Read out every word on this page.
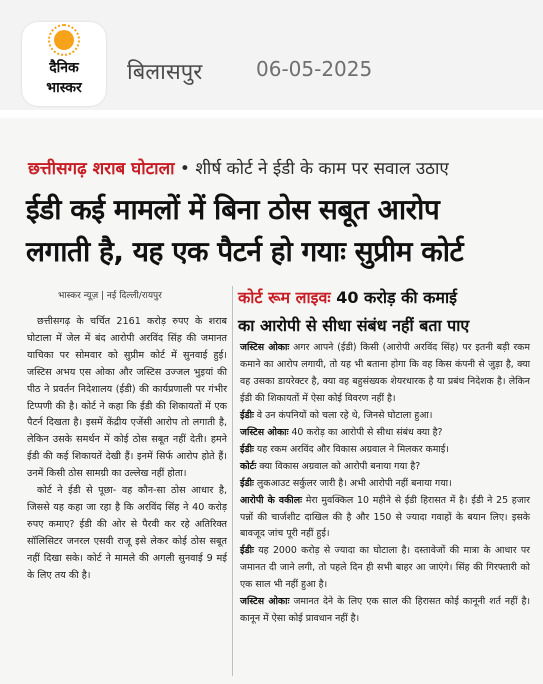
दैनिक
भास्कर
बिलासपुर	06-05-2025
छत्तीसगढ़ शराब घोटाला • शीर्ष कोर्ट ने ईडी के काम पर सवाल उठाए
ईडी कई मामलों में बिना ठोस सबूत आरोप
लगाती है, यह एक पैटर्न हो गयाः सुप्रीम कोर्ट
भास्कर न्यूज़ | नई दिल्ली/रायपुर

छत्तीसगढ़ के चर्चित 2161 करोड़ रुपए के शराब घोटाला में जेल में बंद आरोपी अरविंद सिंह की जमानत याचिका पर सोमवार को सुप्रीम कोर्ट में सुनवाई हुई। जस्टिस अभय एस ओका और जस्टिस उज्जल भुइयां की पीठ ने प्रवर्तन निदेशालय (ईडी) की कार्यप्रणाली पर गंभीर टिप्पणी की है। कोर्ट ने कहा कि ईडी की शिकायतों में एक पैटर्न दिखता है। इसमें केंद्रीय एजेंसी आरोप तो लगाती है, लेकिन उसके समर्थन में कोई ठोस सबूत नहीं देती। हमने ईडी की कई शिकायतें देखी हैं। इनमें सिर्फ आरोप होते हैं। उनमें किसी ठोस सामग्री का उल्लेख नहीं होता।

कोर्ट ने ईडी से पूछा- वह कौन-सा ठोस आधार है, जिससे यह कहा जा रहा है कि अरविंद सिंह ने 40 करोड़ रुपए कमाए? ईडी की ओर से पैरवी कर रहे अतिरिक्त सॉलिसिटर जनरल एसवी राजू इसे लेकर कोई ठोस सबूत नहीं दिखा सके। कोर्ट ने मामले की अगली सुनवाई 9 मई के लिए तय की है।

कोर्ट रूम लाइवः 40 करोड़ की कमाई
का आरोपी से सीधा संबंध नहीं बता पाए

जस्टिस ओकाः अगर आपने (ईडी) किसी (आरोपी अरविंद सिंह) पर इतनी बड़ी रकम कमाने का आरोप लगायी, तो यह भी बताना होगा कि वह किस कंपनी से जुड़ा है, क्या वह उसका डायरेक्टर है, क्या वह बहुसंख्यक शेयरधारक है या प्रबंध निदेशक है। लेकिन ईडी की शिकायतों में ऐसा कोई विवरण नहीं है।

ईडीः वे उन कंपनियों को चला रहे थे, जिनसे घोटाला हुआ।

जस्टिस ओकाः 40 करोड़ का आरोपी से सीधा संबंध क्या है?

ईडीः यह रकम अरविंद और विकास अग्रवाल ने मिलकर कमाई।

कोर्टः क्या विकास अग्रवाल को आरोपी बनाया गया है?

ईडीः लुकआउट सर्कुलर जारी है। अभी आरोपी नहीं बनाया गया।

आरोपी के वकीलः मेरा मुवक्किल 10 महीने से ईडी हिरासत में है। ईडी ने 25 हजार पन्नों की चार्जशीट दाखिल की है और 150 से ज्यादा गवाहों के बयान लिए। इसके बावजूद जांच पूरी नहीं हुई।

ईडीः यह 2000 करोड़ से ज्यादा का घोटाला है। दस्तावेजों की मात्रा के आधार पर जमानत दी जाने लगी, तो पहले दिन ही सभी बाहर आ जाएंगे। सिंह की गिरफ्तारी को एक साल भी नहीं हुआ है।

जस्टिस ओकाः जमानत देने के लिए एक साल की हिरासत कोई कानूनी शर्त नहीं है। कानून में ऐसा कोई प्रावधान नहीं है।
